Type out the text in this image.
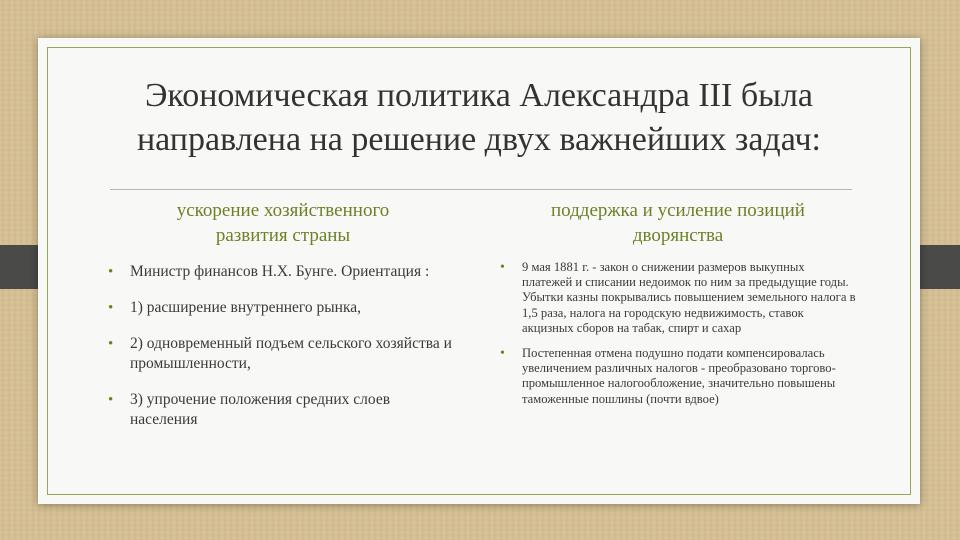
Экономическая политика Александра III была
направлена на решение двух важнейших задач:
ускорение хозяйственного
развития страны
• Министр финансов Н.Х. Бунге. Ориентация :
• 1) расширение внутреннего рынка,
• 2) одновременный подъем сельского хозяйства и промышленности,
• 3) упрочение положения средних слоев населения
поддержка и усиление позиций
дворянства
• 9 мая 1881 г. - закон о снижении размеров выкупных платежей и списании недоимок по ним за предыдущие годы. Убытки казны покрывались повышением земельного налога в 1,5 раза, налога на городскую недвижимость, ставок акцизных сборов на табак, спирт и сахар
• Постепенная отмена подушно подати компенсировалась увеличением различных налогов - преобразовано торгово-промышленное налогообложение, значительно повышены таможенные пошлины (почти вдвое)
